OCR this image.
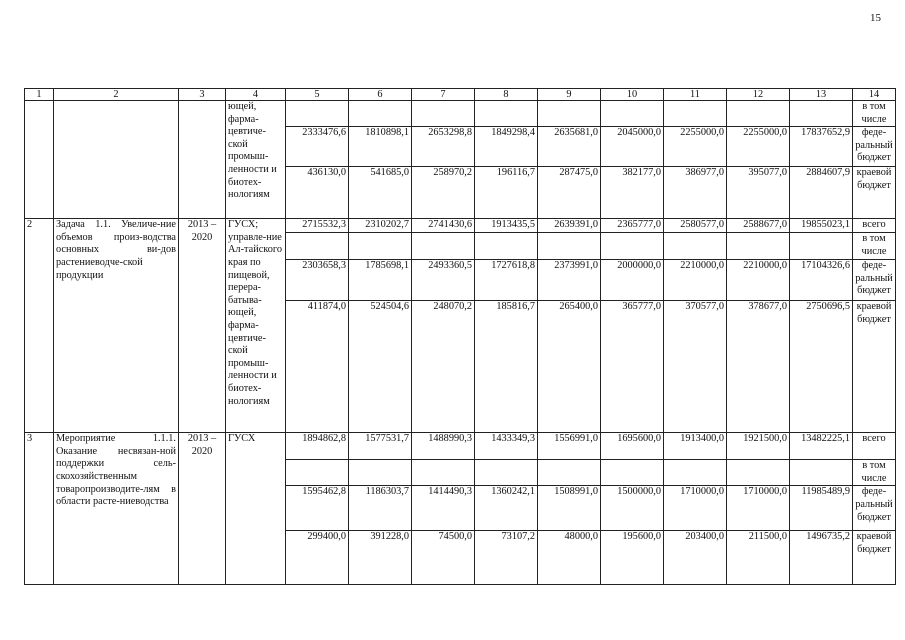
15
1	2	3	4	5	6	7	8	9	10	11	12	13	14
			ющей, фарма-цевтиче-ской промыш-ленности и биотех-нологиям										в том числе
				2333476,6	1810898,1	2653298,8	1849298,4	2635681,0	2045000,0	2255000,0	2255000,0	17837652,9	феде-ральный бюджет
				436130,0	541685,0	258970,2	196116,7	287475,0	382177,0	386977,0	395077,0	2884607,9	краевой бюджет
2	Задача 1.1. Увеличе-ние объемов произ-водства основных ви-дов растениеводче-ской продукции	2013 – 2020	ГУСХ; управле-ние Ал-тайского края по пищевой, перера-батыва-ющей, фарма-цевтиче-ской промыш-ленности и биотех-нологиям	2715532,3	2310202,7	2741430,6	1913435,5	2639391,0	2365777,0	2580577,0	2588677,0	19855023,1	всего
													в том числе
				2303658,3	1785698,1	2493360,5	1727618,8	2373991,0	2000000,0	2210000,0	2210000,0	17104326,6	феде-ральный бюджет
				411874,0	524504,6	248070,2	185816,7	265400,0	365777,0	370577,0	378677,0	2750696,5	краевой бюджет
3	Мероприятие 1.1.1. Оказание несвязан-ной поддержки сель-скохозяйственным товаропроизводите-лям в области расте-ниеводства	2013 – 2020	ГУСХ	1894862,8	1577531,7	1488990,3	1433349,3	1556991,0	1695600,0	1913400,0	1921500,0	13482225,1	всего
													в том числе
				1595462,8	1186303,7	1414490,3	1360242,1	1508991,0	1500000,0	1710000,0	1710000,0	11985489,9	феде-ральный бюджет
				299400,0	391228,0	74500,0	73107,2	48000,0	195600,0	203400,0	211500,0	1496735,2	краевой бюджет
